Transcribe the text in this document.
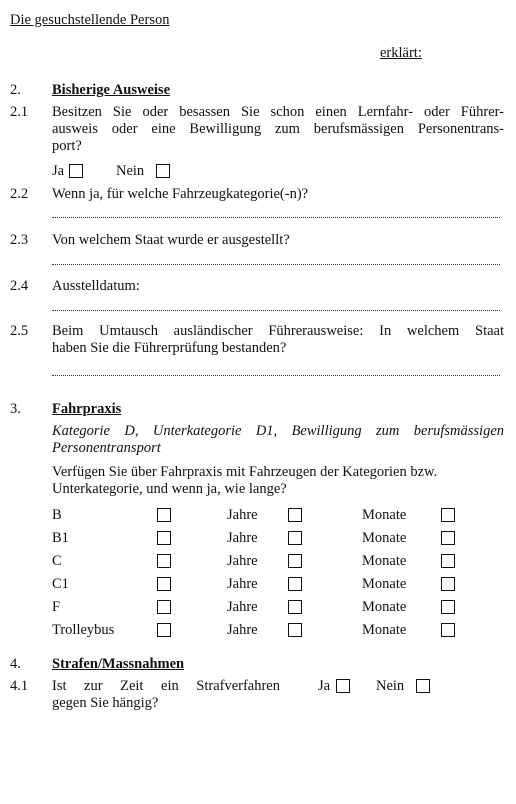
Die gesuchstellende Person
erklärt:
2. Bisherige Ausweise
2.1 Besitzen Sie oder besassen Sie schon einen Lernfahr- oder Führer-
ausweis oder eine Bewilligung zum berufsmässigen Personentrans-
port?
Ja	Nein
2.2 Wenn ja, für welche Fahrzeugkategorie(-n)?
2.3 Von welchem Staat wurde er ausgestellt?
2.4 Ausstelldatum:
2.5 Beim Umtausch ausländischer Führerausweise: In welchem Staat
haben Sie die Führerprüfung bestanden?
3. Fahrpraxis
Kategorie D, Unterkategorie D1, Bewilligung zum berufsmässigen
Personentransport
Verfügen Sie über Fahrpraxis mit Fahrzeugen der Kategorien bzw.
Unterkategorie, und wenn ja, wie lange?
B	Jahre	Monate
B1	Jahre	Monate
C	Jahre	Monate
C1	Jahre	Monate
F	Jahre	Monate
Trolleybus	Jahre	Monate
4. Strafen/Massnahmen
4.1 Ist zur Zeit ein Strafverfahren
gegen Sie hängig?
Ja	Nein
